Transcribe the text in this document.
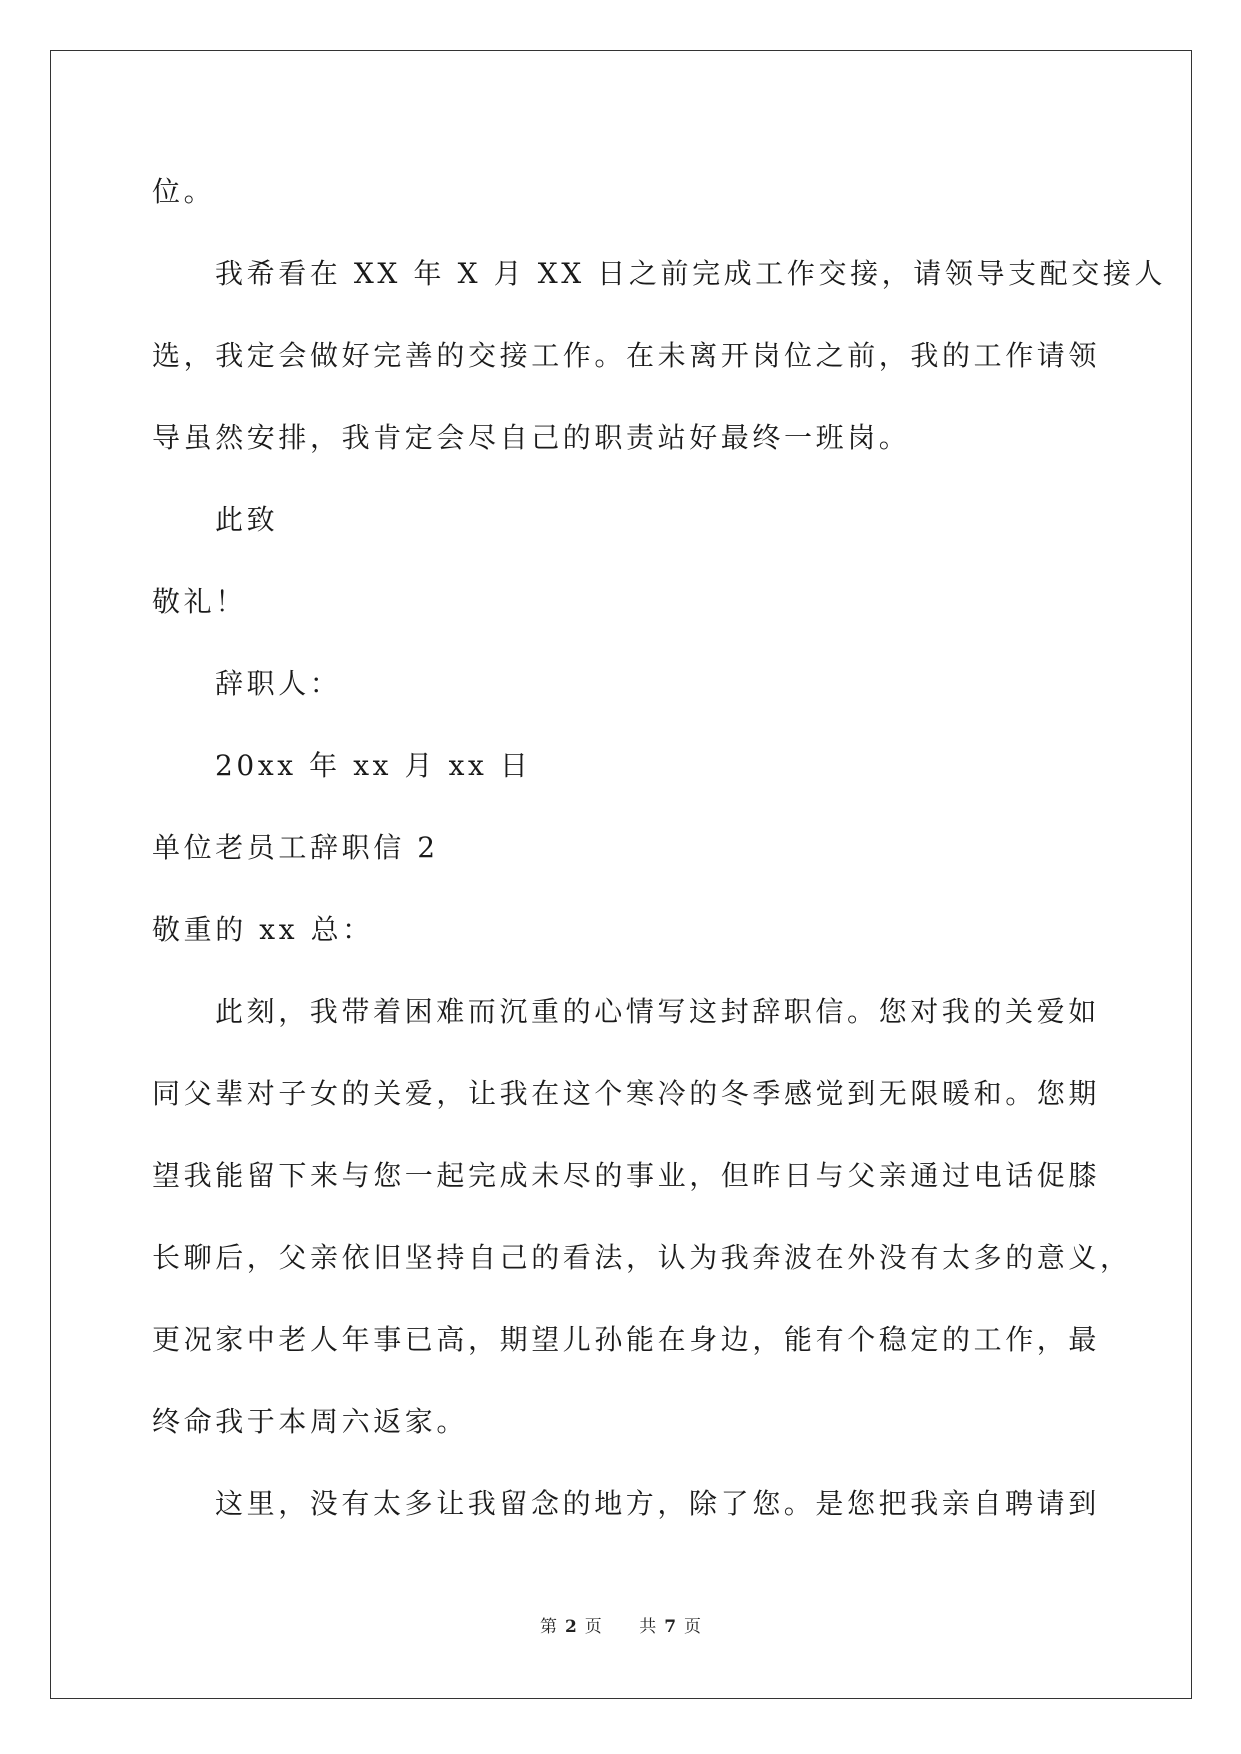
位。
我希看在 XX 年 X 月 XX 日之前完成工作交接，请领导支配交接人
选，我定会做好完善的交接工作。在未离开岗位之前，我的工作请领
导虽然安排，我肯定会尽自己的职责站好最终一班岗。
此致
敬礼！
辞职人：
20xx 年 xx 月 xx 日
单位老员工辞职信 2
敬重的 xx 总：
此刻，我带着困难而沉重的心情写这封辞职信。您对我的关爱如
同父辈对子女的关爱，让我在这个寒冷的冬季感觉到无限暖和。您期
望我能留下来与您一起完成未尽的事业，但昨日与父亲通过电话促膝
长聊后，父亲依旧坚持自己的看法，认为我奔波在外没有太多的意义，
更况家中老人年事已高，期望儿孙能在身边，能有个稳定的工作，最
终命我于本周六返家。
这里，没有太多让我留念的地方，除了您。是您把我亲自聘请到
第 2 页 共 7 页
